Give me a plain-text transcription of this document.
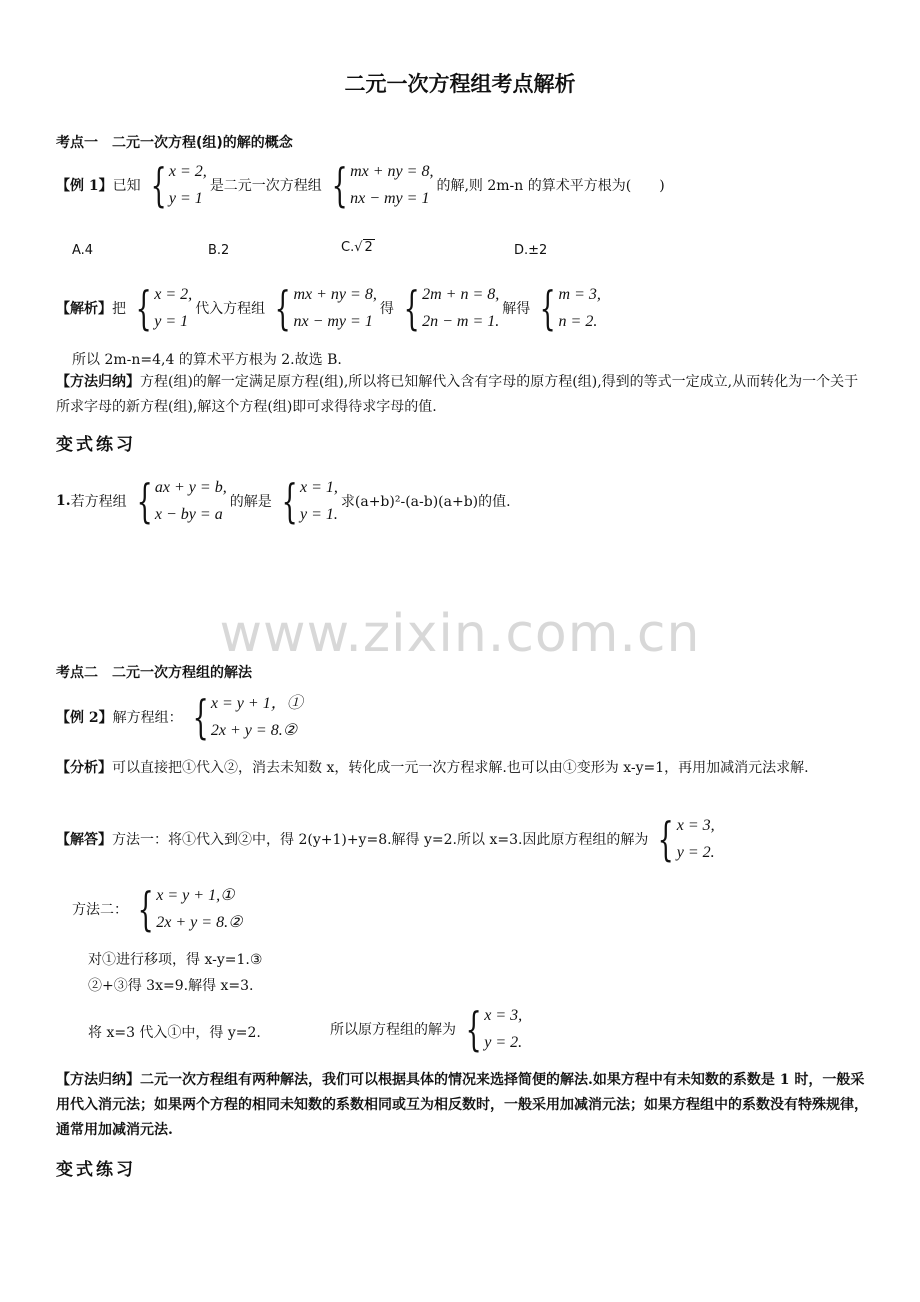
二元一次方程组考点解析
考点一　二元一次方程(组)的解的概念
【例 1】 已知 { x = 2,
y = 1
是二元一次方程组 { mx + ny = 8,
nx − my = 1
的解,则 2m-n 的算术平方根为(　　)
A.4	B.2	C.√ 2	D.±2
【解析】 把 { x = 2,
y = 1
代入方程组 { mx + ny = 8,
nx − my = 1
得 { 2m + n = 8,
2n − m = 1.
解得 { m = 3,
n = 2.
所以 2m-n=4,4 的算术平方根为 2.故选 B.
【方法归纳】方程(组)的解一定满足原方程(组),所以将已知解代入含有字母的原方程(组),得到的等式一定成立,从而转化为一个关于所求字母的新方程(组),解这个方程(组)即可求得待求字母的值.
变式练习
1. 若方程组 { ax + y = b,
x − by = a
的解是 { x = 1,
y = 1.
求(a+b)²-(a-b)(a+b)的值.
www.zixin.com.cn
考点二　二元一次方程组的解法
【例 2】 解方程组： { x = y + 1，①
2x + y = 8.②
【分析】可以直接把①代入②，消去未知数 x，转化成一元一次方程求解.也可以由①变形为 x-y=1，再用加减消元法求解.
【解答】 方法一：将①代入到②中，得 2(y+1)+y=8.解得 y=2.所以 x=3.因此原方程组的解为 { x = 3,
y = 2.
方法二： { x = y + 1,①
2x + y = 8.②
对①进行移项，得 x-y=1.③
②+③得 3x=9.解得 x=3.
将 x=3 代入①中，得 y=2.	所以原方程组的解为 { x = 3,
y = 2.
【方法归纳】二元一次方程组有两种解法，我们可以根据具体的情况来选择简便的解法.如果方程中有未知数的系数是 1 时，一般采用代入消元法；如果两个方程的相同未知数的系数相同或互为相反数时，一般采用加减消元法；如果方程组中的系数没有特殊规律，通常用加减消元法.
变式练习
